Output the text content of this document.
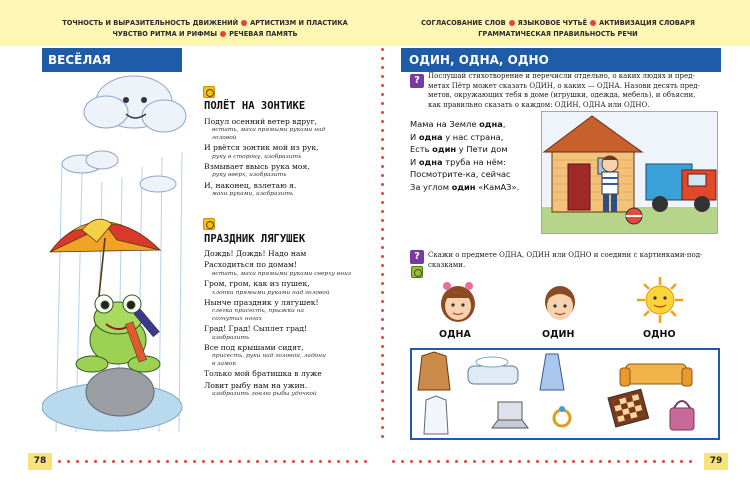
ТОЧНОСТЬ И ВЫРАЗИТЕЛЬНОСТЬ ДВИЖЕНИЙ АРТИСТИЗМ И ПЛАСТИКА
ЧУВСТВО РИТМА И РИФМЫ РЕЧЕВАЯ ПАМЯТЬ
СОГЛАСОВАНИЕ СЛОВ ЯЗЫКОВОЕ ЧУТЬЁ АКТИВИЗАЦИЯ СЛОВАРЯ
ГРАММАТИЧЕСКАЯ ПРАВИЛЬНОСТЬ РЕЧИ
ВЕСЁЛАЯ
ПОЛЁТ НА ЗОНТИКЕ
Подул осенний ветер вдруг,
встать, махи прямыми руками над
головой
И рвётся зонтик мой из рук,
руку в сторону, изобразить
Взмывает ввысь рука моя,
руку вверх, изобразить
И, наконец, взлетаю я.
махи руками, изобразить
ПРАЗДНИК ЛЯГУШЕК
Дождь! Дождь! Надо нам
Расходиться по домам!
встать, махи прямыми руками сверху вниз
Гром, гром, как из пушек,
хлопки прямыми руками над головой
Нынче праздник у лягушек!
слегка присесть, прыжки на
согнутых ногах
Град! Град! Сыплет град!
изобразить
Все под крышами сидят,
присесть, руки над головой, ладони
в замок
Только мой братишка в луже
Ловит рыбу нам на ужин.
изобразить ловлю рыбы удочкой
ОДИН, ОДНА, ОДНО
?	Послушай стихотворение и перечисли отдельно, о каких людях и пред-
метах Пётр может сказать ОДИН, о каких — ОДНА. Назови десять пред-
метов, окружающих тебя в доме (игрушки, одежда, мебель), и объясни,
как правильно сказать о каждом: ОДИН, ОДНА или ОДНО.
Мама на Земле одна,
И одна у нас страна,
Есть один у Пети дом
И одна труба на нём:
Посмотрите-ка, сейчас
За углом один «КамАЗ».
?	Скажи о предмете ОДНА, ОДИН или ОДНО и соедини с картинками-под-
сказками.
ОДНА	ОДИН	ОДНО
78	79
